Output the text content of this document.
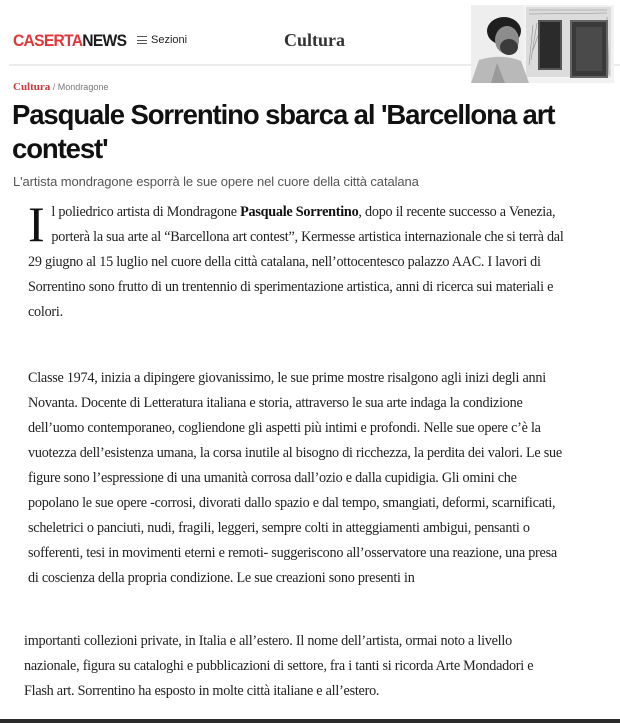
CASERTANEWS Sezioni	Cultura
Cultura / Mondragone
Pasquale Sorrentino sbarca al 'Barcellona art contest'
L'artista mondragone esporrà le sue opere nel cuore della città catalana

Il poliedrico artista di Mondragone Pasquale Sorrentino, dopo il recente successo a Venezia, porterà la sua arte al “Barcellona art contest”, Kermesse artistica internazionale che si terrà dal 29 giugno al 15 luglio nel cuore della città catalana, nell’ottocentesco palazzo AAC. I lavori di Sorrentino sono frutto di un trentennio di sperimentazione artistica, anni di ricerca sui materiali e colori.

Classe 1974, inizia a dipingere giovanissimo, le sue prime mostre risalgono agli inizi degli anni Novanta. Docente di Letteratura italiana e storia, attraverso le sua arte indaga la condizione dell’uomo contemporaneo, cogliendone gli aspetti più intimi e profondi. Nelle sue opere c’è la vuotezza dell’esistenza umana, la corsa inutile al bisogno di ricchezza, la perdita dei valori. Le sue figure sono l’espressione di una umanità corrosa dall’ozio e dalla cupidigia. Gli omini che popolano le sue opere -corrosi, divorati dallo spazio e dal tempo, smangiati, deformi, scarnificati, scheletrici o panciuti, nudi, fragili, leggeri, sempre colti in atteggiamenti ambigui, pensanti o sofferenti, tesi in movimenti eterni e remoti- suggeriscono all’osservatore una reazione, una presa di coscienza della propria condizione. Le sue creazioni sono presenti in

importanti collezioni private, in Italia e all’estero. Il nome dell’artista, ormai noto a livello nazionale, figura su cataloghi e pubblicazioni di settore, fra i tanti si ricorda Arte Mondadori e Flash art. Sorrentino ha esposto in molte città italiane e all’estero.
